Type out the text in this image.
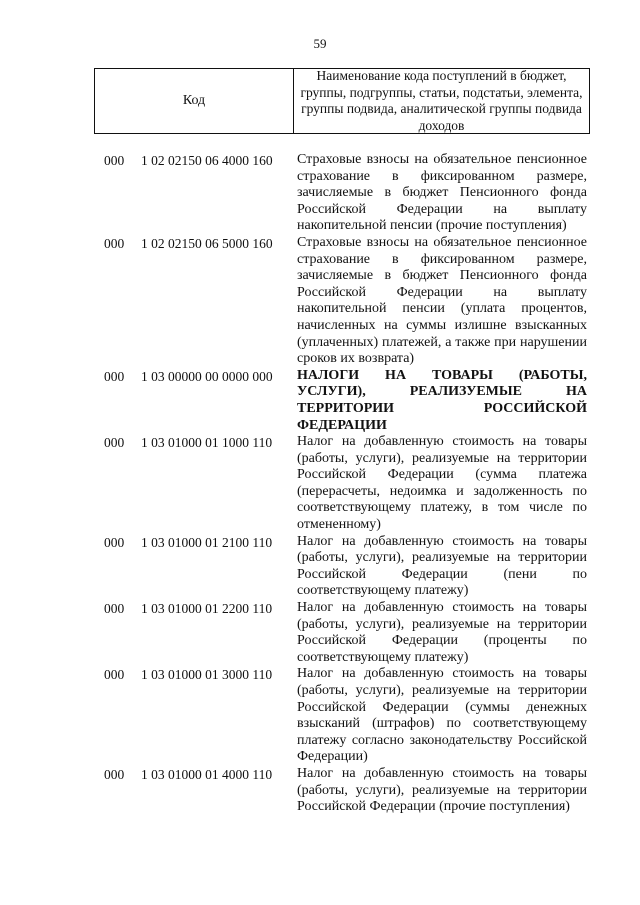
59
Код
Наименование кода поступлений в бюджет, группы, подгруппы, статьи, подстатьи, элемента, группы подвида, аналитической группы подвида доходов
000 1 02 02150 06 4000 160 Страховые взносы на обязательное пенсионное страхование в фиксированном размере, зачисляемые в бюджет Пенсионного фонда Российской Федерации на выплату накопительной пенсии (прочие поступления)
000 1 02 02150 06 5000 160 Страховые взносы на обязательное пенсионное страхование в фиксированном размере, зачисляемые в бюджет Пенсионного фонда Российской Федерации на выплату накопительной пенсии (уплата процентов, начисленных на суммы излишне взысканных (уплаченных) платежей, а также при нарушении сроков их возврата)
000 1 03 00000 00 0000 000 НАЛОГИ НА ТОВАРЫ (РАБОТЫ, УСЛУГИ), РЕАЛИЗУЕМЫЕ НА ТЕРРИТОРИИ РОССИЙСКОЙ ФЕДЕРАЦИИ
000 1 03 01000 01 1000 110 Налог на добавленную стоимость на товары (работы, услуги), реализуемые на территории Российской Федерации (сумма платежа (перерасчеты, недоимка и задолженность по соответствующему платежу, в том числе по отмененному)
000 1 03 01000 01 2100 110 Налог на добавленную стоимость на товары (работы, услуги), реализуемые на территории Российской Федерации (пени по соответствующему платежу)
000 1 03 01000 01 2200 110 Налог на добавленную стоимость на товары (работы, услуги), реализуемые на территории Российской Федерации (проценты по соответствующему платежу)
000 1 03 01000 01 3000 110 Налог на добавленную стоимость на товары (работы, услуги), реализуемые на территории Российской Федерации (суммы денежных взысканий (штрафов) по соответствующему платежу согласно законодательству Российской Федерации)
000 1 03 01000 01 4000 110 Налог на добавленную стоимость на товары (работы, услуги), реализуемые на территории Российской Федерации (прочие поступления)
